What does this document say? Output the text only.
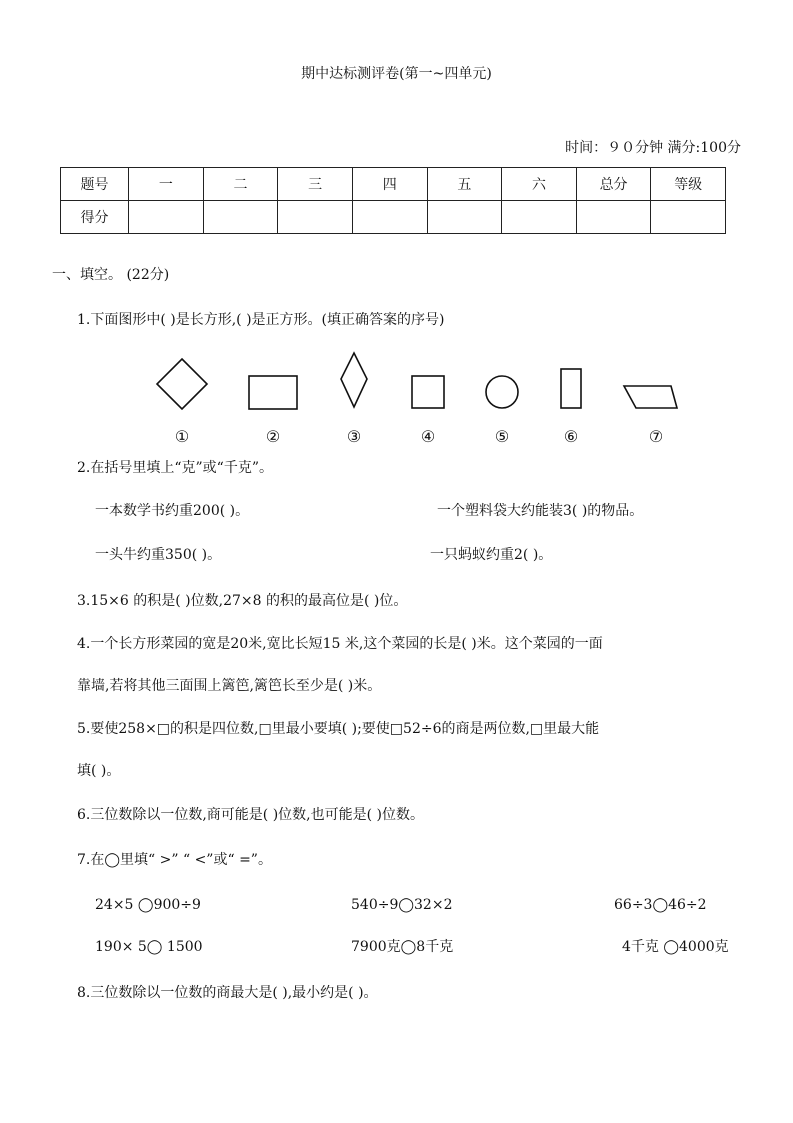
期中达标测评卷(第一~四单元)
时间：９０分钟 满分:100分
题号	一	二	三	四	五	六	总分	等级
得分								
一、填空。 (22分)
1.下面图形中( )是长方形,( )是正方形。(填正确答案的序号)
①	②	③	④	⑤	⑥	⑦
2.在括号里填上“克”或“千克”。
一本数学书约重200( )。	一个塑料袋大约能装3( )的物品。
一头牛约重350( )。	一只蚂蚁约重2( )。
3.15×6 的积是( )位数,27×8 的积的最高位是( )位。
4.一个长方形菜园的宽是20米,宽比长短15 米,这个菜园的长是( )米。这个菜园的一面
靠墙,若将其他三面围上篱笆,篱笆长至少是( )米。
5.要使258×□的积是四位数,□里最小要填( );要使□52÷6的商是两位数,□里最大能
填( )。
6.三位数除以一位数,商可能是( )位数,也可能是( )位数。
7.在◯里填“ >” “ <”或“ =”。
24×5 ◯900÷9	540÷9◯32×2	66÷3◯46÷2
190× 5◯ 1500	7900克◯8千克	4千克 ◯4000克
8.三位数除以一位数的商最大是( ),最小约是( )。
